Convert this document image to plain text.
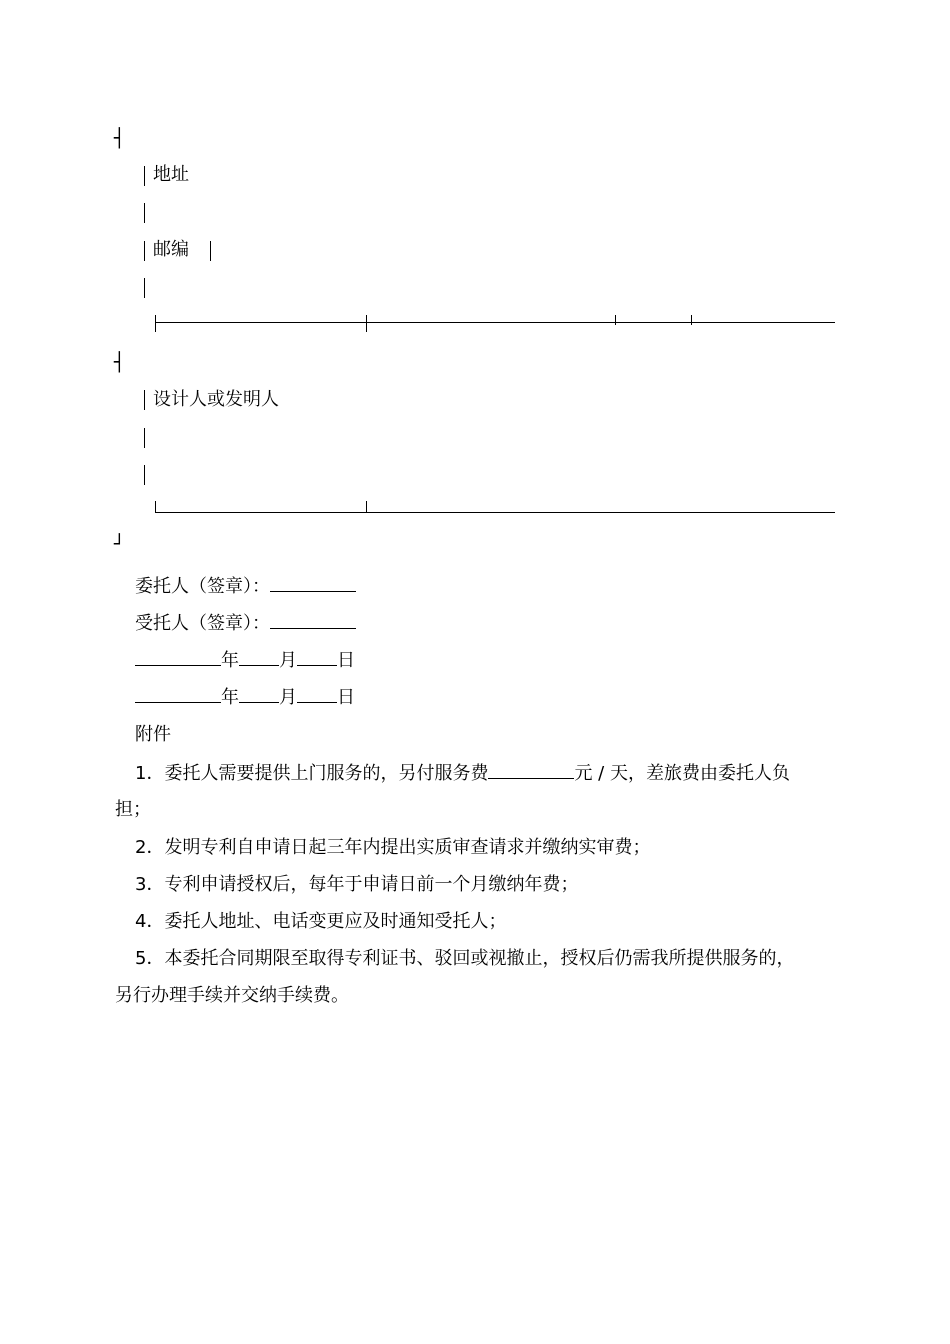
┤
地址
邮编
┤
设计人或发明人
┘
委托人（签章）：
受托人（签章）：
年 月 日
年 月 日
附件
1．委托人需要提供上门服务的，另付服务费	元 / 天，差旅费由委托人负
担；
2．发明专利自申请日起三年内提出实质审查请求并缴纳实审费；
3．专利申请授权后，每年于申请日前一个月缴纳年费；
4．委托人地址、电话变更应及时通知受托人；
5．本委托合同期限至取得专利证书、驳回或视撤止，授权后仍需我所提供服务的，
另行办理手续并交纳手续费。
